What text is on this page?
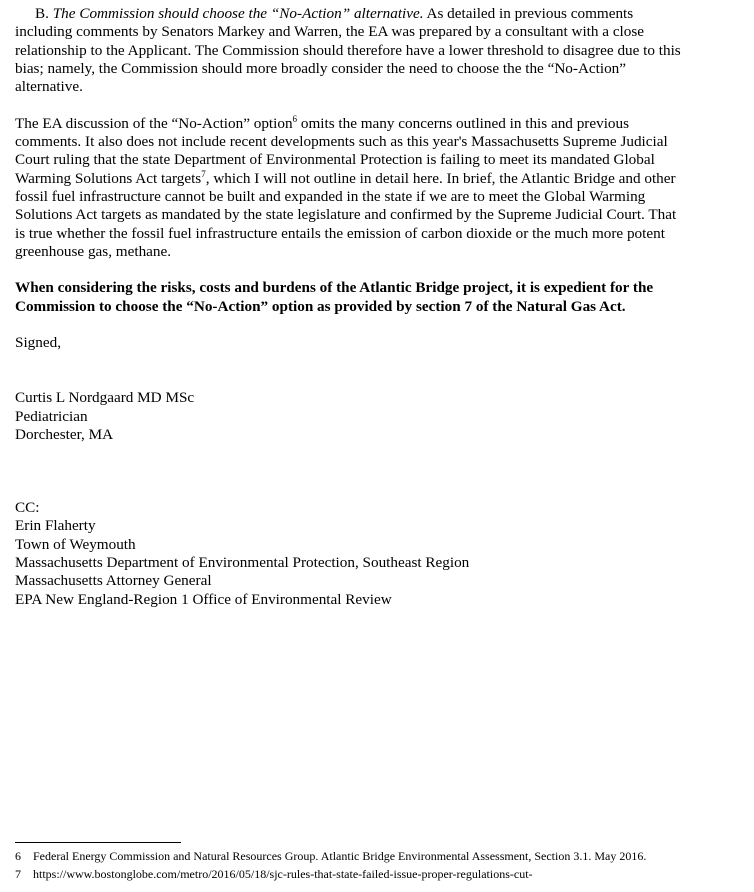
B. The Commission should choose the “No-Action” alternative. As detailed in previous comments including comments by Senators Markey and Warren, the EA was prepared by a consultant with a close relationship to the Applicant. The Commission should therefore have a lower threshold to disagree due to this bias; namely, the Commission should more broadly consider the need to choose the the “No-Action” alternative.

The EA discussion of the “No-Action” option$^6$ omits the many concerns outlined in this and previous comments. It also does not include recent developments such as this year's Massachusetts Supreme Judicial Court ruling that the state Department of Environmental Protection is failing to meet its mandated Global Warming Solutions Act targets$^7$, which I will not outline in detail here. In brief, the Atlantic Bridge and other fossil fuel infrastructure cannot be built and expanded in the state if we are to meet the Global Warming Solutions Act targets as mandated by the state legislature and confirmed by the Supreme Judicial Court. That is true whether the fossil fuel infrastructure entails the emission of carbon dioxide or the much more potent greenhouse gas, methane.

When considering the risks, costs and burdens of the Atlantic Bridge project, it is expedient for the Commission to choose the “No-Action” option as provided by section 7 of the Natural Gas Act.

Signed,

Curtis L Nordgaard MD MSc
Pediatrician
Dorchester, MA
CC:
Erin Flaherty
Town of Weymouth
Massachusetts Department of Environmental Protection, Southeast Region
Massachusetts Attorney General
EPA New England-Region 1 Office of Environmental Review
6	Federal Energy Commission and Natural Resources Group. Atlantic Bridge Environmental Assessment, Section 3.1. May 2016.
7	https://www.bostonglobe.com/metro/2016/05/18/sjc-rules-that-state-failed-issue-proper-regulations-cut-
